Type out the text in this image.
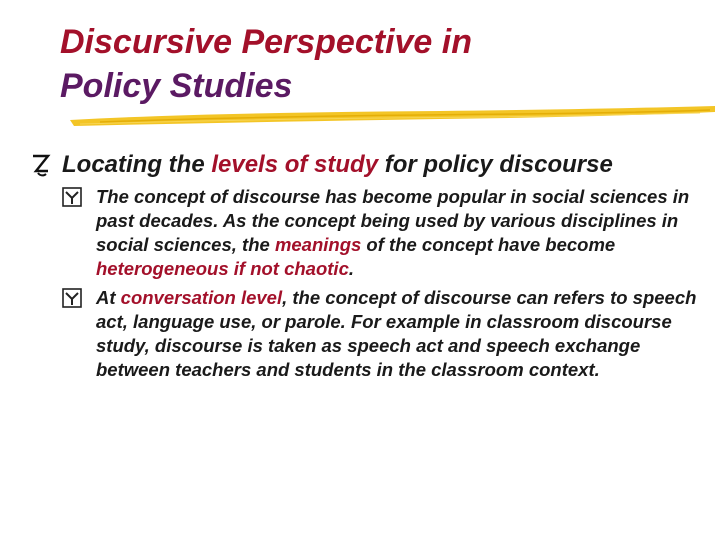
Discursive Perspective in
Policy Studies
Locating the levels of study for policy discourse
The concept of discourse has become popular in social sciences in past decades. As the concept being used by various disciplines in social sciences, the meanings of the concept have become heterogeneous if not chaotic.
At conversation level, the concept of discourse can refers to speech act, language use, or parole. For example in classroom discourse study, discourse is taken as speech act and speech exchange between teachers and students in the classroom context.
